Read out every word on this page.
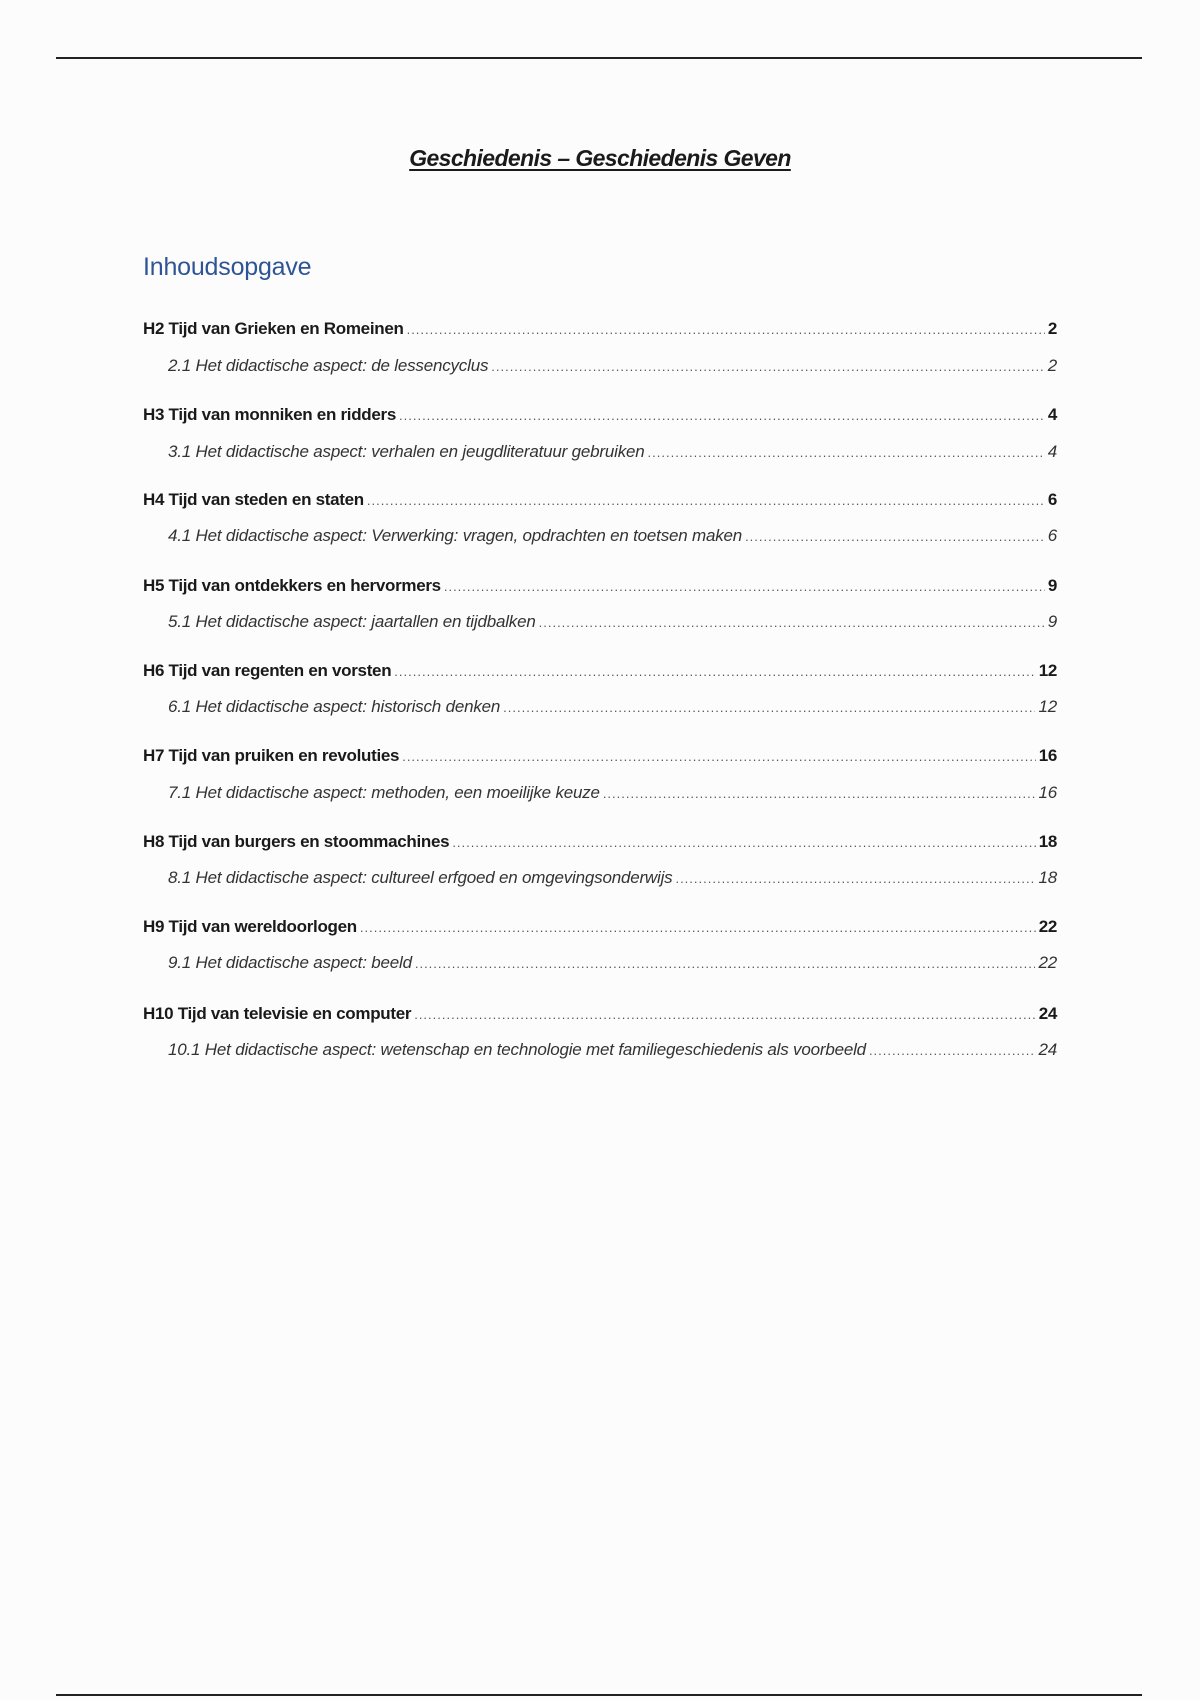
Geschiedenis – Geschiedenis Geven
Inhoudsopgave
H2 Tijd van Grieken en Romeinen .....	2
2.1 Het didactische aspect: de lessencyclus .....	2
H3 Tijd van monniken en ridders .....	4
3.1 Het didactische aspect: verhalen en jeugdliteratuur gebruiken .....	4
H4 Tijd van steden en staten .....	6
4.1 Het didactische aspect: Verwerking: vragen, opdrachten en toetsen maken .....	6
H5 Tijd van ontdekkers en hervormers .....	9
5.1 Het didactische aspect: jaartallen en tijdbalken .....	9
H6 Tijd van regenten en vorsten .....	12
6.1 Het didactische aspect: historisch denken .....	12
H7 Tijd van pruiken en revoluties .....	16
7.1 Het didactische aspect: methoden, een moeilijke keuze .....	16
H8 Tijd van burgers en stoommachines .....	18
8.1 Het didactische aspect: cultureel erfgoed en omgevingsonderwijs .....	18
H9 Tijd van wereldoorlogen .....	22
9.1 Het didactische aspect: beeld .....	22
H10 Tijd van televisie en computer .....	24
10.1 Het didactische aspect: wetenschap en technologie met familiegeschiedenis als voorbeeld .....	24
